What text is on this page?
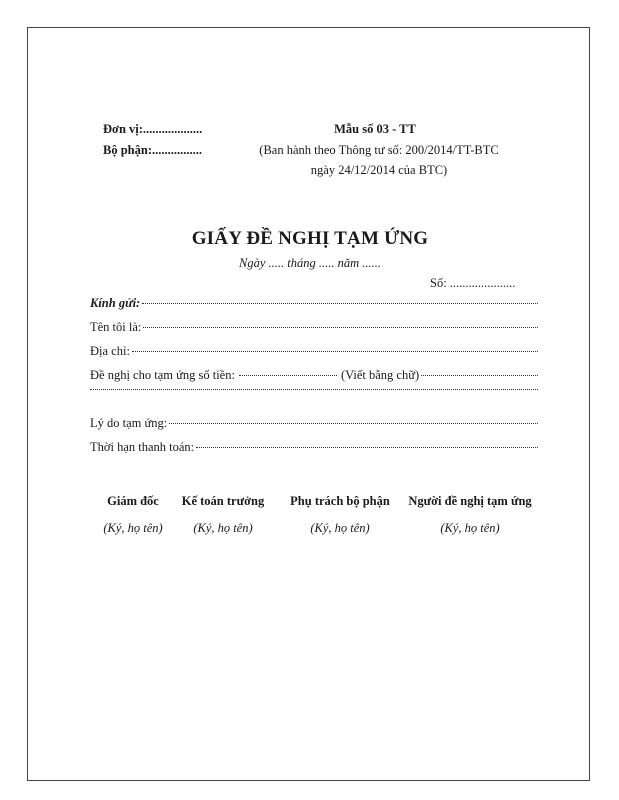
Đơn vị:...................
Bộ phận:................
Mẫu số 03 - TT
(Ban hành theo Thông tư số: 200/2014/TT-BTC
ngày 24/12/2014 của BTC)
GIẤY ĐỀ NGHỊ TẠM ỨNG
Ngày ..... tháng ..... năm ......
Số: .....................
Kính gửi:
Tên tôi là:
Địa chỉ:
Đề nghị cho tạm ứng số tiền:	(Viết bằng chữ)
Lý do tạm ứng:
Thời hạn thanh toán:
Giám đốc
(Ký, họ tên)
Kế toán trưởng
(Ký, họ tên)
Phụ trách bộ phận
(Ký, họ tên)
Người đề nghị tạm ứng
(Ký, họ tên)
